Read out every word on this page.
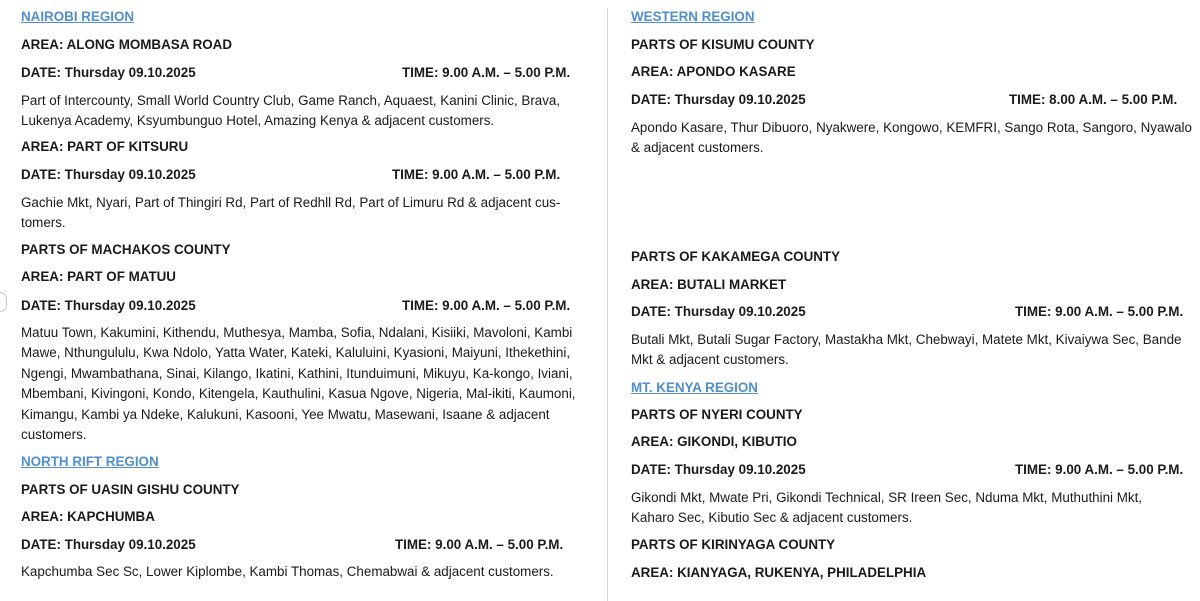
NAIROBI REGION
AREA: ALONG MOMBASA ROAD
DATE: Thursday 09.10.2025	TIME: 9.00 A.M. – 5.00 P.M.
Part of Intercounty, Small World Country Club, Game Ranch, Aquaest, Kanini Clinic, Brava, Lukenya Academy, Ksyumbunguo Hotel, Amazing Kenya & adjacent customers.
AREA: PART OF KITSURU
DATE: Thursday 09.10.2025	TIME: 9.00 A.M. – 5.00 P.M.
Gachie Mkt, Nyari, Part of Thingiri Rd, Part of Redhll Rd, Part of Limuru Rd & adjacent cus-tomers.
PARTS OF MACHAKOS COUNTY
AREA: PART OF MATUU
DATE: Thursday 09.10.2025	TIME: 9.00 A.M. – 5.00 P.M.
Matuu Town, Kakumini, Kithendu, Muthesya, Mamba, Sofia, Ndalani, Kisiiki, Mavoloni, Kambi Mawe, Nthungululu, Kwa Ndolo, Yatta Water, Kateki, Kaluluini, Kyasioni, Maiyuni, Ithekethini, Ngengi, Mwambathana, Sinai, Kilango, Ikatini, Kathini, Itunduimuni, Mikuyu, Ka-kongo, Iviani, Mbembani, Kivingoni, Kondo, Kitengela, Kauthulini, Kasua Ngove, Nigeria, Mal-ikiti, Kaumoni, Kimangu, Kambi ya Ndeke, Kalukuni, Kasooni, Yee Mwatu, Masewani, Isaane & adjacent customers.
NORTH RIFT REGION
PARTS OF UASIN GISHU COUNTY
AREA: KAPCHUMBA
DATE: Thursday 09.10.2025	TIME: 9.00 A.M. – 5.00 P.M.
Kapchumba Sec Sc, Lower Kiplombe, Kambi Thomas, Chemabwai & adjacent customers.
WESTERN REGION
PARTS OF KISUMU COUNTY
AREA: APONDO KASARE
DATE: Thursday 09.10.2025	TIME: 8.00 A.M. – 5.00 P.M.
Apondo Kasare, Thur Dibuoro, Nyakwere, Kongowo, KEMFRI, Sango Rota, Sangoro, Nyawalo & adjacent customers.
PARTS OF KAKAMEGA COUNTY
AREA: BUTALI MARKET
DATE: Thursday 09.10.2025	TIME: 9.00 A.M. – 5.00 P.M.
Butali Mkt, Butali Sugar Factory, Mastakha Mkt, Chebwayi, Matete Mkt, Kivaiywa Sec, Bande Mkt & adjacent customers.
MT. KENYA REGION
PARTS OF NYERI COUNTY
AREA: GIKONDI, KIBUTIO
DATE: Thursday 09.10.2025	TIME: 9.00 A.M. – 5.00 P.M.
Gikondi Mkt, Mwate Pri, Gikondi Technical, SR Ireen Sec, Nduma Mkt, Muthuthini Mkt, Kaharo Sec, Kibutio Sec & adjacent customers.
PARTS OF KIRINYAGA COUNTY
AREA: KIANYAGA, RUKENYA, PHILADELPHIA
